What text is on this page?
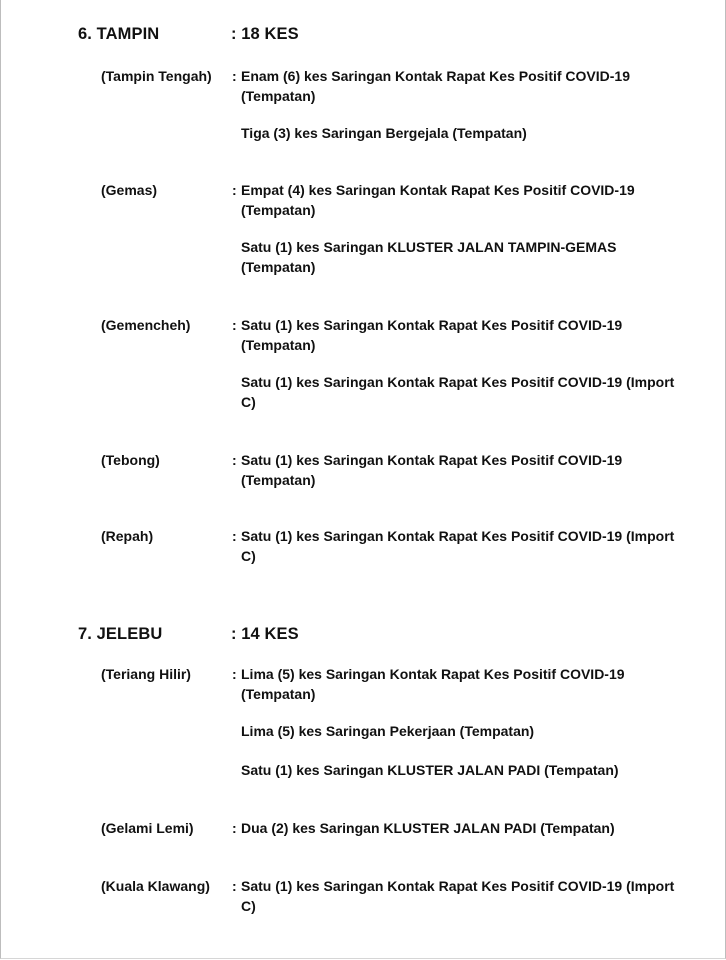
6. TAMPIN	: 18 KES
(Tampin Tengah) : Enam (6) kes Saringan Kontak Rapat Kes Positif COVID-19 (Tempatan)
Tiga (3) kes Saringan Bergejala (Tempatan)
(Gemas)	: Empat (4) kes Saringan Kontak Rapat Kes Positif COVID-19 (Tempatan)
Satu (1) kes Saringan KLUSTER JALAN TAMPIN-GEMAS (Tempatan)
(Gemencheh)	: Satu (1) kes Saringan Kontak Rapat Kes Positif COVID-19 (Tempatan)
Satu (1) kes Saringan Kontak Rapat Kes Positif COVID-19 (Import C)
(Tebong)	: Satu (1) kes Saringan Kontak Rapat Kes Positif COVID-19 (Tempatan)
(Repah)	: Satu (1) kes Saringan Kontak Rapat Kes Positif COVID-19 (Import C)
7. JELEBU	: 14 KES
(Teriang Hilir)	: Lima (5) kes Saringan Kontak Rapat Kes Positif COVID-19 (Tempatan)
Lima (5) kes Saringan Pekerjaan (Tempatan)
Satu (1) kes Saringan KLUSTER JALAN PADI (Tempatan)
(Gelami Lemi)	: Dua (2) kes Saringan KLUSTER JALAN PADI (Tempatan)
(Kuala Klawang) : Satu (1) kes Saringan Kontak Rapat Kes Positif COVID-19 (Import C)
